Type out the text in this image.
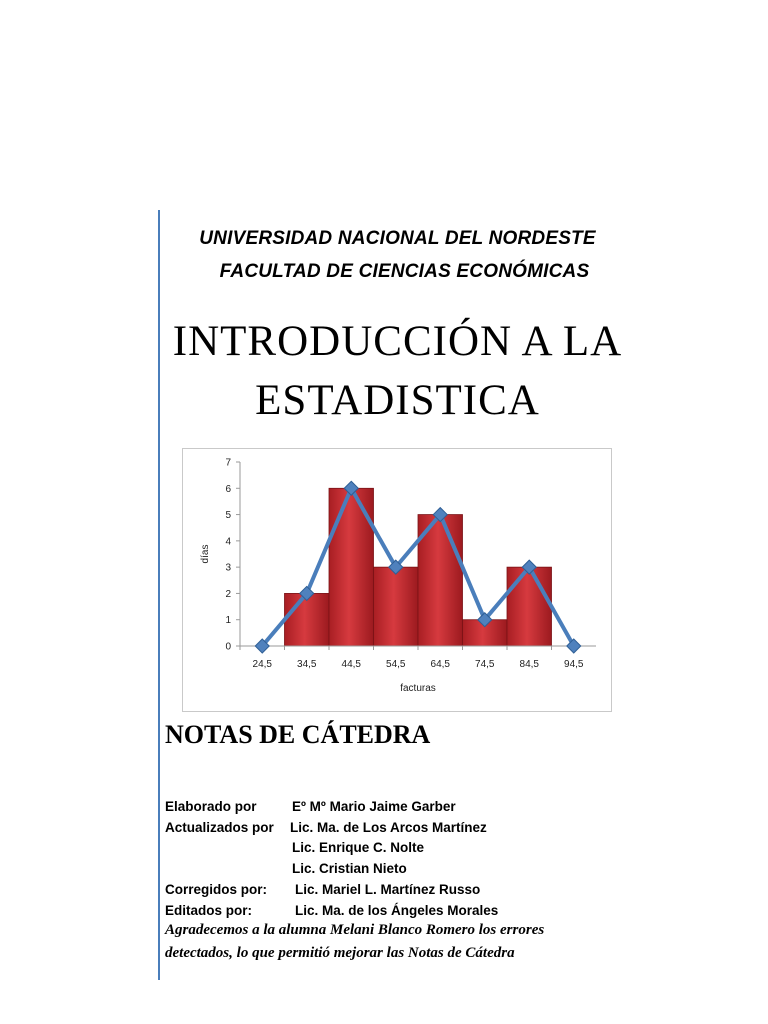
UNIVERSIDAD NACIONAL DEL NORDESTE
FACULTAD DE CIENCIAS ECONÓMICAS
INTRODUCCIÓN A LA
ESTADISTICA
0
1
2
3
4
5
6
7
24,5	34,5	44,5	54,5	64,5	74,5	84,5	94,5
facturas
días
NOTAS DE CÁTEDRA
Elaborado por	Eº Mº Mario Jaime Garber
Actualizados por Lic. Ma. de Los Arcos Martínez
Lic. Enrique C. Nolte
Lic. Cristian Nieto
Corregidos por: Lic. Mariel L. Martínez Russo
Editados por:	Lic. Ma. de los Ángeles Morales
Agradecemos a la alumna Melani Blanco Romero los errores
detectados, lo que permitió mejorar las Notas de Cátedra
